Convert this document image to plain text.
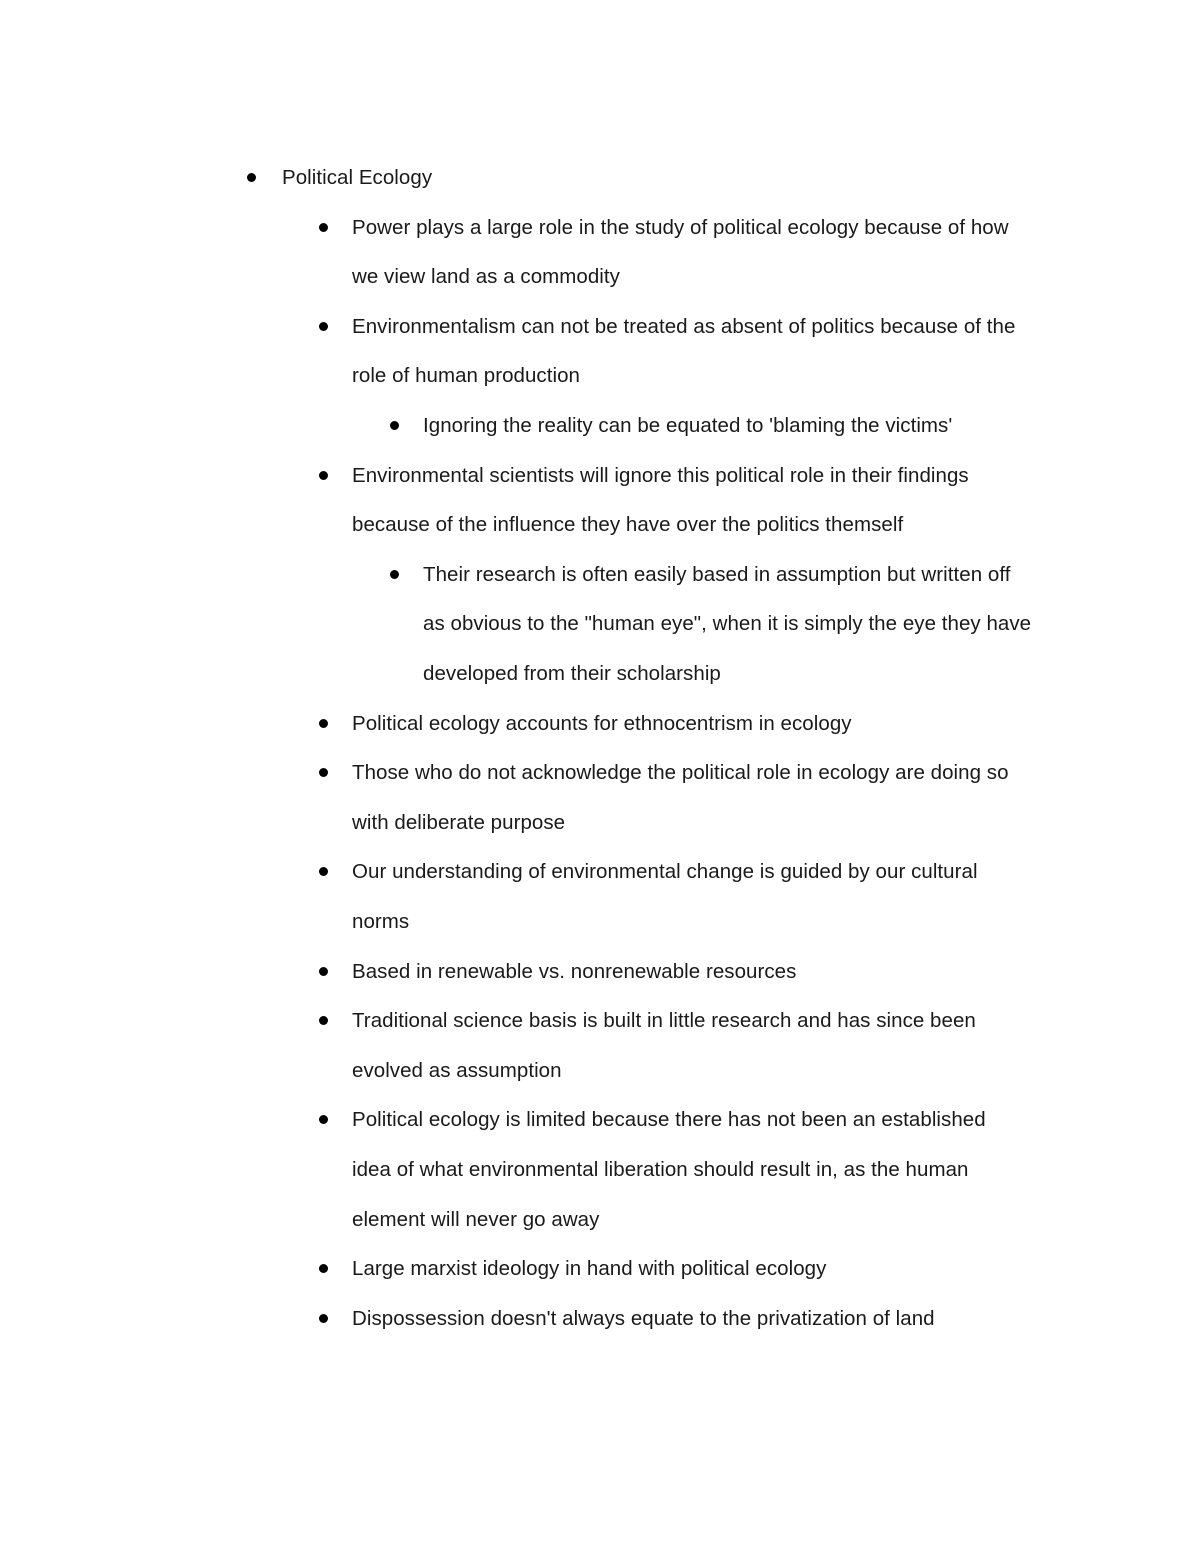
Political Ecology
Power plays a large role in the study of political ecology because of how
we view land as a commodity
Environmentalism can not be treated as absent of politics because of the
role of human production
Ignoring the reality can be equated to 'blaming the victims'
Environmental scientists will ignore this political role in their findings
because of the influence they have over the politics themself
Their research is often easily based in assumption but written off
as obvious to the "human eye", when it is simply the eye they have
developed from their scholarship
Political ecology accounts for ethnocentrism in ecology
Those who do not acknowledge the political role in ecology are doing so
with deliberate purpose
Our understanding of environmental change is guided by our cultural
norms
Based in renewable vs. nonrenewable resources
Traditional science basis is built in little research and has since been
evolved as assumption
Political ecology is limited because there has not been an established
idea of what environmental liberation should result in, as the human
element will never go away
Large marxist ideology in hand with political ecology
Dispossession doesn't always equate to the privatization of land
